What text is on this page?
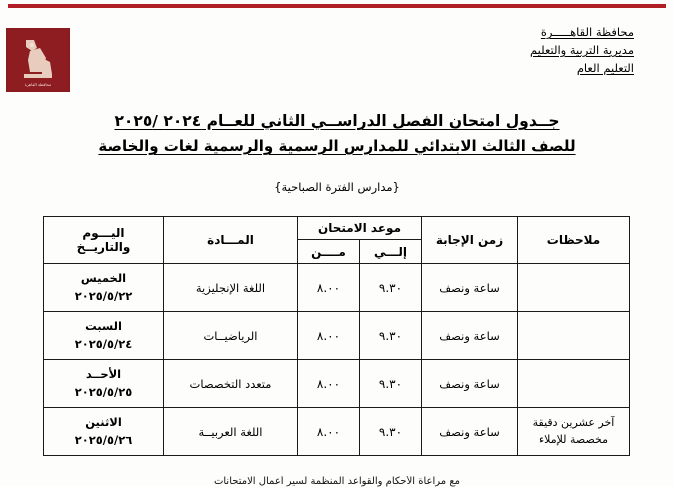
محافظة القاهرة
محافظة القاهـــــرة
مديرية التربية والتعليم
التعليم العام
جــدول امتحان الفصل الدراســي الثاني للعــام ٢٠٢٤ /٢٠٢٥
للصف الثالث الابتدائي للمدارس الرسمية والرسمية لغات والخاصة
{مدارس الفترة الصباحية}
ملاحظات	زمن الإجابة	موعد الامتحان		المـــادة	اليـــوم
والتاريــخ

		إلـــي	مــــن		
	ساعة ونصف	٩.٣٠	٨.٠٠	اللغة الإنجليزية	الخميس
٢٠٢٥/٥/٢٢

	ساعة ونصف	٩.٣٠	٨.٠٠	الرياضيــات	السبت
٢٠٢٥/٥/٢٤

	ساعة ونصف	٩.٣٠	٨.٠٠	متعدد التخصصات	الأحــد
٢٠٢٥/٥/٢٥

آخر عشرين دقيقة
مخصصة للإملاء	ساعة ونصف	٩.٣٠	٨.٠٠	اللغة العربيــة	الاثنين
٢٠٢٥/٥/٢٦
مع مراعاة الأحكام والقواعد المنظمة لسير أعمال الامتحانات
